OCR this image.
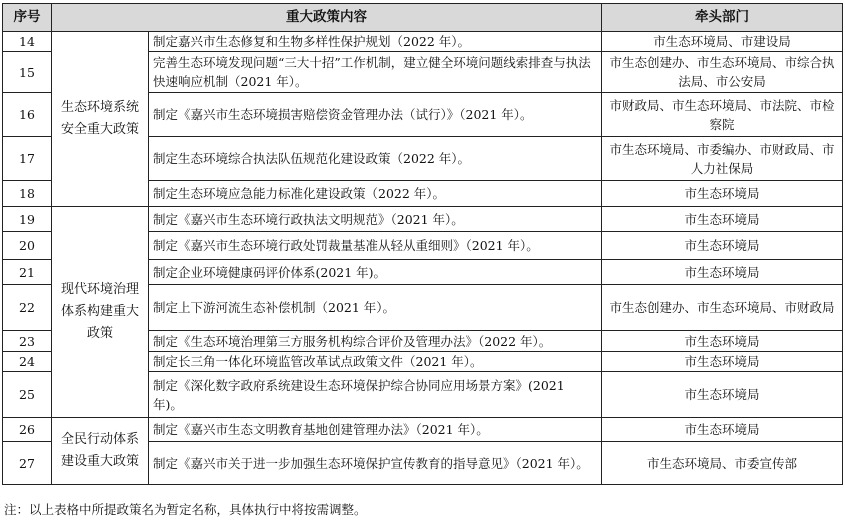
序号	重大政策内容		牵头部门
14	生态环境系统安全重大政策	制定嘉兴市生态修复和生物多样性保护规划（2022 年）。	市生态环境局、市建设局
15		完善生态环境发现问题“三大十招”工作机制，建立健全环境问题线索排查与执法快速响应机制（2021 年）。	市生态创建办、市生态环境局、市综合执法局、市公安局
16		制定《嘉兴市生态环境损害赔偿资金管理办法（试行）》（2021 年）。	市财政局、市生态环境局、市法院、市检察院
17		制定生态环境综合执法队伍规范化建设政策（2022 年）。	市生态环境局、市委编办、市财政局、市人力社保局
18		制定生态环境应急能力标准化建设政策（2022 年）。	市生态环境局
19	现代环境治理体系构建重大政策	制定《嘉兴市生态环境行政执法文明规范》（2021 年）。	市生态环境局
20		制定《嘉兴市生态环境行政处罚裁量基准从轻从重细则》（2021 年）。	市生态环境局
21		制定企业环境健康码评价体系(2021 年)。	市生态环境局
22		制定上下游河流生态补偿机制（2021 年）。	市生态创建办、市生态环境局、市财政局
23		制定《生态环境治理第三方服务机构综合评价及管理办法》（2022 年）。	市生态环境局
24		制定长三角一体化环境监管改革试点政策文件（2021 年）。	市生态环境局
25		制定《深化数字政府系统建设生态环境保护综合协同应用场景方案》(2021 年)。	市生态环境局
26	全民行动体系建设重大政策	制定《嘉兴市生态文明教育基地创建管理办法》（2021 年）。	市生态环境局
27		制定《嘉兴市关于进一步加强生态环境保护宣传教育的指导意见》（2021 年）。	市生态环境局、市委宣传部
注：以上表格中所提政策名为暂定名称，具体执行中将按需调整。
